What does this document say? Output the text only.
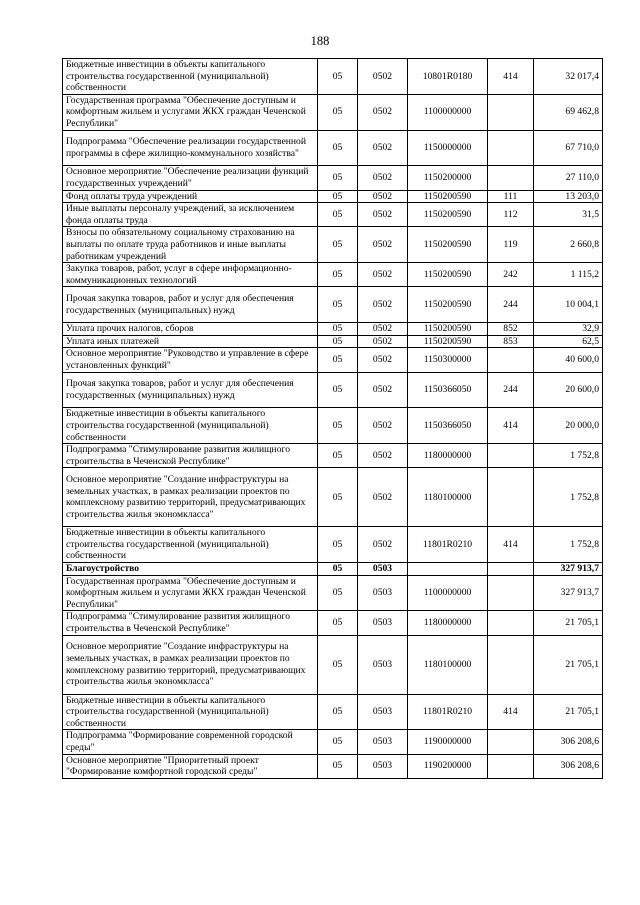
188
Бюджетные инвестиции в объекты капитального строительства государственной (муниципальной) собственности	05	0502	10801R0180	414	32 017,4
Государственная программа "Обеспечение доступным и комфортным жильем и услугами ЖКХ граждан Чеченской Республики"	05	0502	1100000000		69 462,8
Подпрограмма "Обеспечение реализации государственной программы в сфере жилищно-коммунального хозяйства"	05	0502	1150000000		67 710,0
Основное мероприятие "Обеспечение реализации функций государственных учреждений"	05	0502	1150200000		27 110,0
Фонд оплаты труда учреждений	05	0502	1150200590	111	13 203,0
Иные выплаты персоналу учреждений, за исключением фонда оплаты труда	05	0502	1150200590	112	31,5
Взносы по обязательному социальному страхованию на выплаты по оплате труда работников и иные выплаты работникам учреждений	05	0502	1150200590	119	2 660,8
Закупка товаров, работ, услуг в сфере информационно-коммуникационных технологий	05	0502	1150200590	242	1 115,2
Прочая закупка товаров, работ и услуг для обеспечения государственных (муниципальных) нужд	05	0502	1150200590	244	10 004,1
Уплата прочих налогов, сборов	05	0502	1150200590	852	32,9
Уплата иных платежей	05	0502	1150200590	853	62,5
Основное мероприятие "Руководство и управление в сфере установленных функций"	05	0502	1150300000		40 600,0
Прочая закупка товаров, работ и услуг для обеспечения государственных (муниципальных) нужд	05	0502	1150366050	244	20 600,0
Бюджетные инвестиции в объекты капитального строительства государственной (муниципальной) собственности	05	0502	1150366050	414	20 000,0
Подпрограмма "Стимулирование развития жилищного строительства в Чеченской Республике"	05	0502	1180000000		1 752,8
Основное мероприятие "Создание инфраструктуры на земельных участках, в рамках реализации проектов по комплексному развитию территорий, предусматривающих строительства жилья экономкласса"	05	0502	1180100000		1 752,8
Бюджетные инвестиции в объекты капитального строительства государственной (муниципальной) собственности	05	0502	11801R0210	414	1 752,8
Благоустройство	05	0503			327 913,7
Государственная программа "Обеспечение доступным и комфортным жильем и услугами ЖКХ граждан Чеченской Республики"	05	0503	1100000000		327 913,7
Подпрограмма "Стимулирование развития жилищного строительства в Чеченской Республике"	05	0503	1180000000		21 705,1
Основное мероприятие "Создание инфраструктуры на земельных участках, в рамках реализации проектов по комплексному развитию территорий, предусматривающих строительства жилья экономкласса"	05	0503	1180100000		21 705,1
Бюджетные инвестиции в объекты капитального строительства государственной (муниципальной) собственности	05	0503	11801R0210	414	21 705,1
Подпрограмма "Формирование современной городской среды"	05	0503	1190000000		306 208,6
Основное мероприятие "Приоритетный проект "Формирование комфортной городской среды"	05	0503	1190200000		306 208,6
